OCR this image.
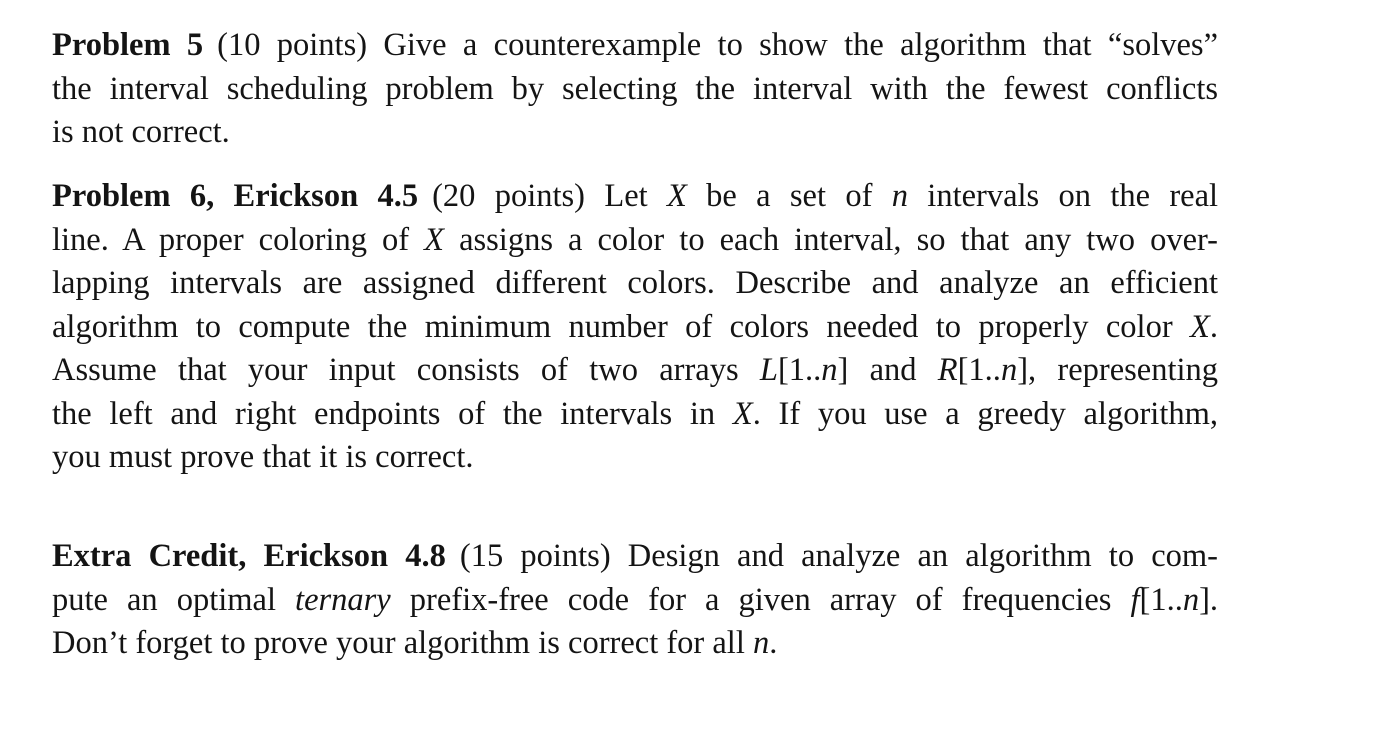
Problem 5 (10 points) Give a counterexample to show the algorithm that “solves”
the interval scheduling problem by selecting the interval with the fewest conflicts
is not correct.
Problem 6, Erickson 4.5 (20 points) Let X be a set of n intervals on the real
line. A proper coloring of X assigns a color to each interval, so that any two over-
lapping intervals are assigned different colors. Describe and analyze an efficient
algorithm to compute the minimum number of colors needed to properly color X.
Assume that your input consists of two arrays L[1..n] and R[1..n], representing
the left and right endpoints of the intervals in X. If you use a greedy algorithm,
you must prove that it is correct.
Extra Credit, Erickson 4.8 (15 points) Design and analyze an algorithm to com-
pute an optimal ternary prefix-free code for a given array of frequencies f[1..n].
Don’t forget to prove your algorithm is correct for all n.
